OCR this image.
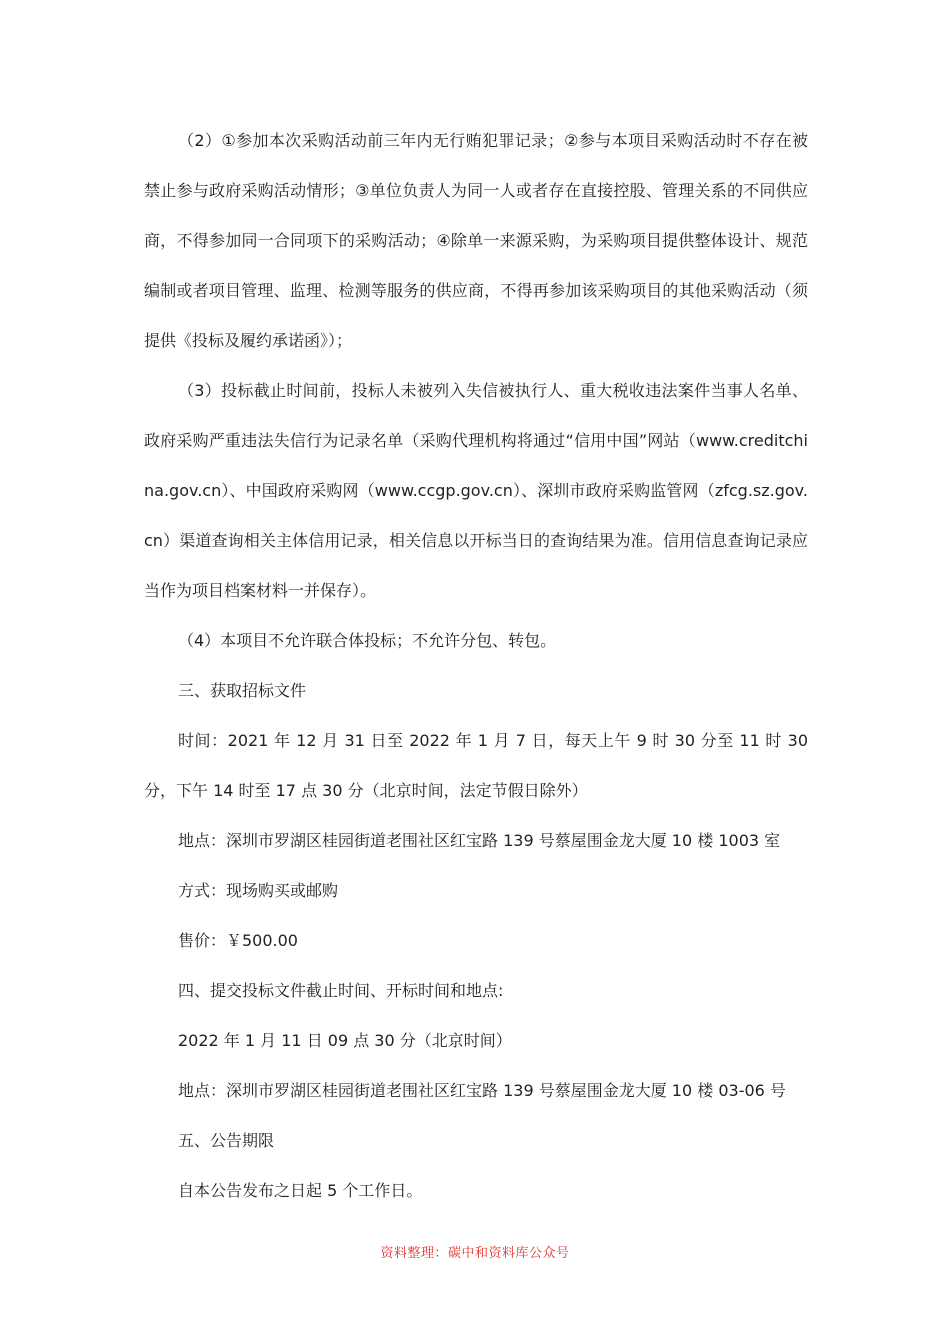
（2）①参加本次采购活动前三年内无行贿犯罪记录；②参与本项目采购活动时不存在被禁止参与政府采购活动情形；③单位负责人为同一人或者存在直接控股、管理关系的不同供应商，不得参加同一合同项下的采购活动；④除单一来源采购，为采购项目提供整体设计、规范编制或者项目管理、监理、检测等服务的供应商，不得再参加该采购项目的其他采购活动（须提供《投标及履约承诺函》）；

（3）投标截止时间前，投标人未被列入失信被执行人、重大税收违法案件当事人名单、政府采购严重违法失信行为记录名单（采购代理机构将通过“信用中国”网站（www.creditchina.gov.cn）、中国政府采购网（www.ccgp.gov.cn）、深圳市政府采购监管网（zfcg.sz.gov.cn）渠道查询相关主体信用记录，相关信息以开标当日的查询结果为准。信用信息查询记录应当作为项目档案材料一并保存）。

（4）本项目不允许联合体投标；不允许分包、转包。

三、获取招标文件

时间：2021 年 12 月 31 日至 2022 年 1 月 7 日，每天上午 9 时 30 分至 11 时 30 分，下午 14 时至 17 点 30 分（北京时间，法定节假日除外）

地点：深圳市罗湖区桂园街道老围社区红宝路 139 号蔡屋围金龙大厦 10 楼 1003 室

方式：现场购买或邮购

售价：￥500.00

四、提交投标文件截止时间、开标时间和地点:

2022 年 1 月 11 日 09 点 30 分（北京时间）

地点：深圳市罗湖区桂园街道老围社区红宝路 139 号蔡屋围金龙大厦 10 楼 03-06 号

五、公告期限

自本公告发布之日起 5 个工作日。

资料整理：碳中和资料库公众号
